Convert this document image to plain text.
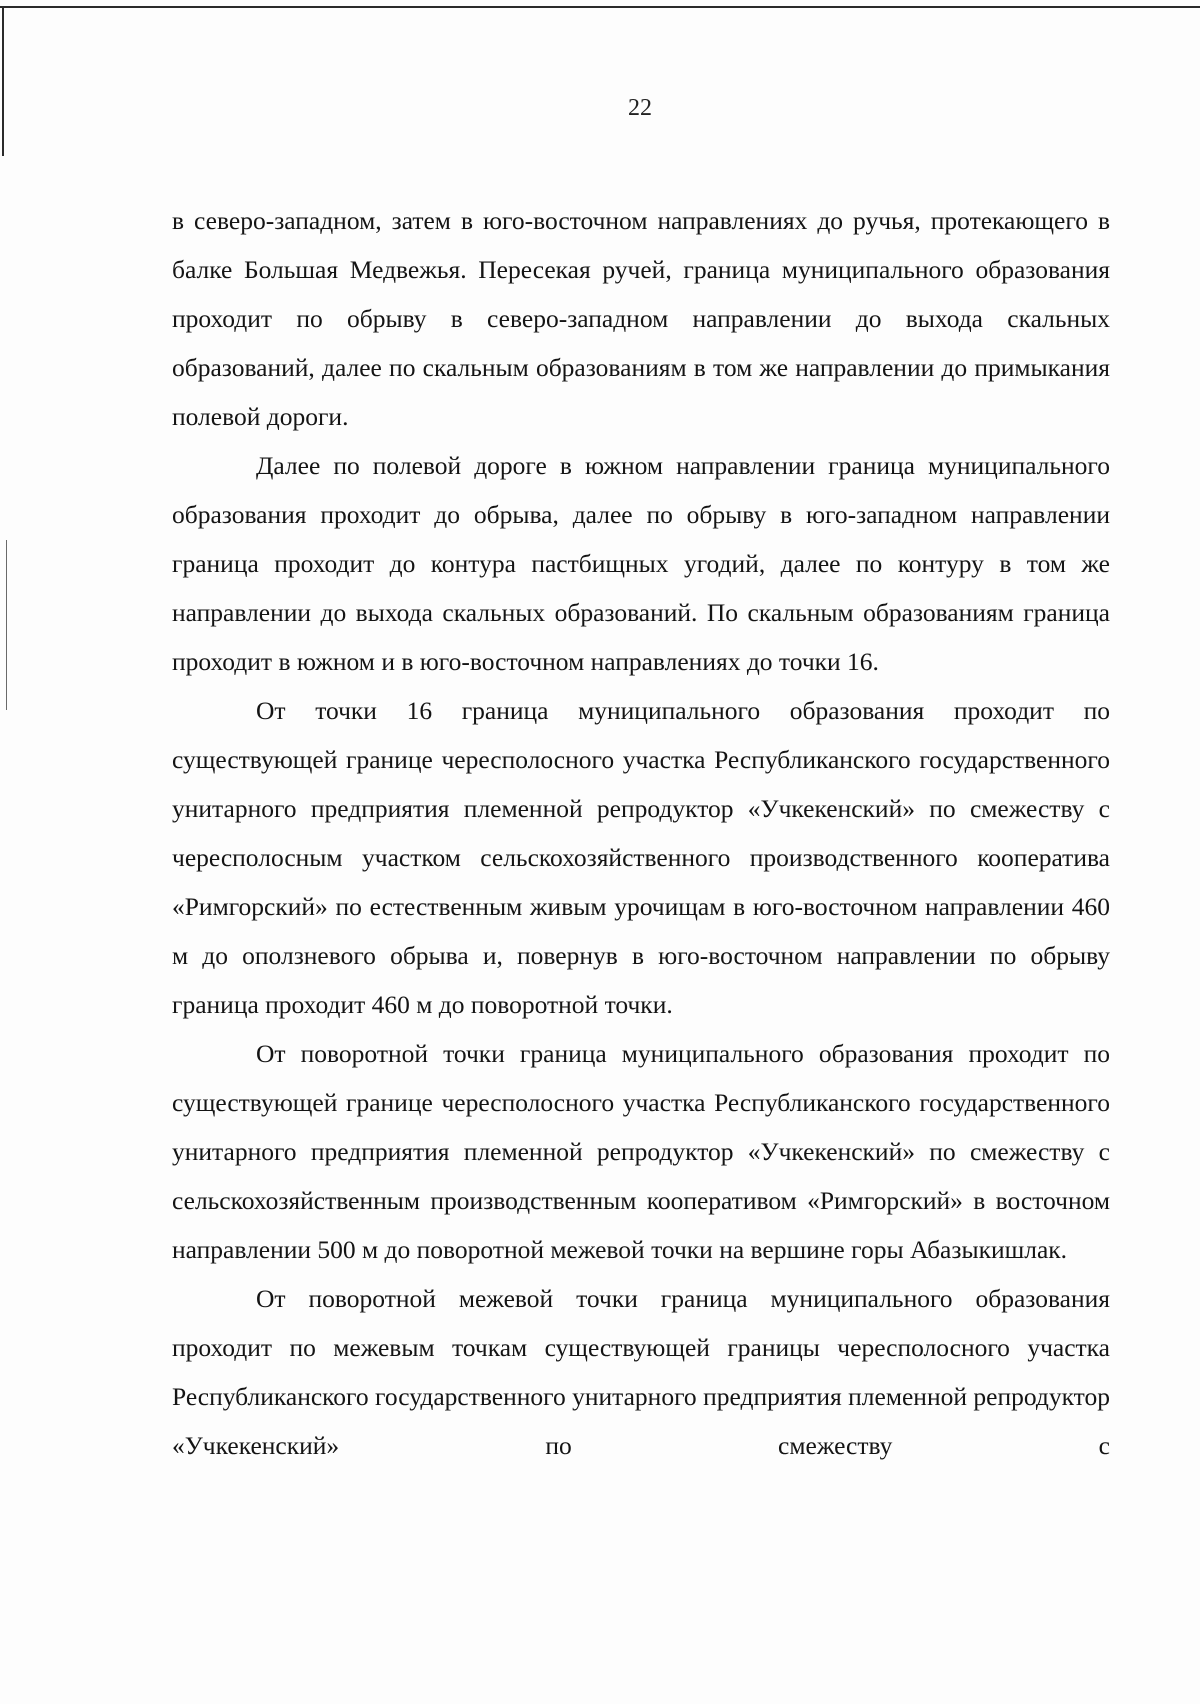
22

в северо-западном, затем в юго-восточном направлениях до ручья, протекающего в балке Большая Медвежья. Пересекая ручей, граница муниципального образования проходит по обрыву в северо-западном направлении до выхода скальных образований, далее по скальным образованиям в том же направлении до примыкания полевой дороги.

Далее по полевой дороге в южном направлении граница муниципального образования проходит до обрыва, далее по обрыву в юго-западном направлении граница проходит до контура пастбищных угодий, далее по контуру в том же направлении до выхода скальных образований. По скальным образованиям граница проходит в южном и в юго-восточном направлениях до точки 16.

От точки 16 граница муниципального образования проходит по существующей границе чересполосного участка Республиканского государственного унитарного предприятия племенной репродуктор «Учкекенский» по смежеству с чересполосным участком сельскохозяйственного производственного кооператива «Римгорский» по естественным живым урочищам в юго-восточном направлении 460 м до оползневого обрыва и, повернув в юго-восточном направлении по обрыву граница проходит 460 м до поворотной точки.

От поворотной точки граница муниципального образования проходит по существующей границе чересполосного участка Республиканского государственного унитарного предприятия племенной репродуктор «Учкекенский» по смежеству с сельскохозяйственным производственным кооперативом «Римгорский» в восточном направлении 500 м до поворотной межевой точки на вершине горы Абазыкишлак.

От поворотной межевой точки граница муниципального образования проходит по межевым точкам существующей границы чересполосного участка Республиканского государственного унитарного предприятия племенной репродуктор «Учкекенский» по смежеству с
